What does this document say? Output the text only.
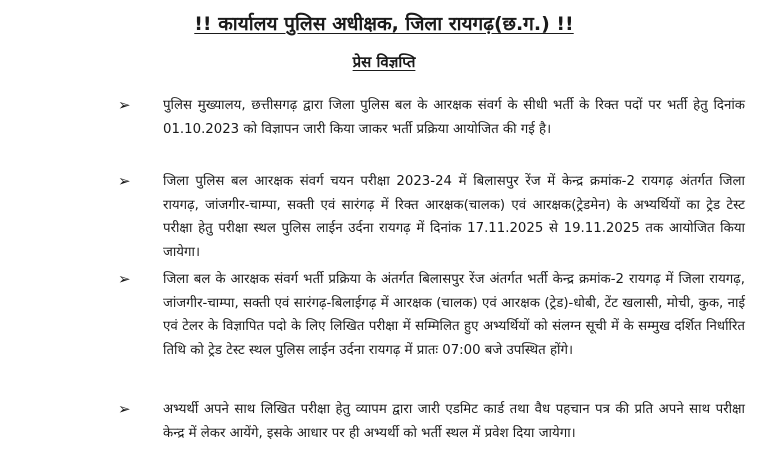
!! कार्यालय पुलिस अधीक्षक, जिला रायगढ़(छ.ग.) !!
प्रेस विज्ञप्ति
➢ पुलिस मुख्यालय, छत्तीसगढ़ द्वारा जिला पुलिस बल के आरक्षक संवर्ग के सीधी भर्ती के रिक्त पदों पर भर्ती हेतु दिनांक 01.10.2023 को विज्ञापन जारी किया जाकर भर्ती प्रक्रिया आयोजित की गई है।
➢ जिला पुलिस बल आरक्षक संवर्ग चयन परीक्षा 2023-24 में बिलासपुर रेंज में केन्द्र क्रमांक-2 रायगढ़ अंतर्गत जिला रायगढ़, जांजगीर-चाम्पा, सक्ती एवं सारंगढ़ में रिक्त आरक्षक(चालक) एवं आरक्षक(ट्रेडमेन) के अभ्यर्थियों का ट्रेड टेस्ट परीक्षा हेतु परीक्षा स्थल पुलिस लाईन उर्दना रायगढ़ में दिनांक 17.11.2025 से 19.11.2025 तक आयोजित किया जायेगा।
➢ जिला बल के आरक्षक संवर्ग भर्ती प्रक्रिया के अंतर्गत बिलासपुर रेंज अंतर्गत भर्ती केन्द्र क्रमांक-2 रायगढ़ में जिला रायगढ़, जांजगीर-चाम्पा, सक्ती एवं सारंगढ़-बिलाईगढ़ में आरक्षक (चालक) एवं आरक्षक (ट्रेड)-धोबी, टेंट खलासी, मोची, कुक, नाई एवं टेलर के विज्ञापित पदो के लिए लिखित परीक्षा में सम्मिलित हुए अभ्यर्थियों को संलग्न सूची में के सम्मुख दर्शित निर्धारित तिथि को ट्रेड टेस्ट स्थल पुलिस लाईन उर्दना रायगढ़ में प्रातः 07:00 बजे उपस्थित होंगे।
➢ अभ्यर्थी अपने साथ लिखित परीक्षा हेतु व्यापम द्वारा जारी एडमिट कार्ड तथा वैध पहचान पत्र की प्रति अपने साथ परीक्षा केन्द्र में लेकर आयेंगे, इसके आधार पर ही अभ्यर्थी को भर्ती स्थल में प्रवेश दिया जायेगा।
